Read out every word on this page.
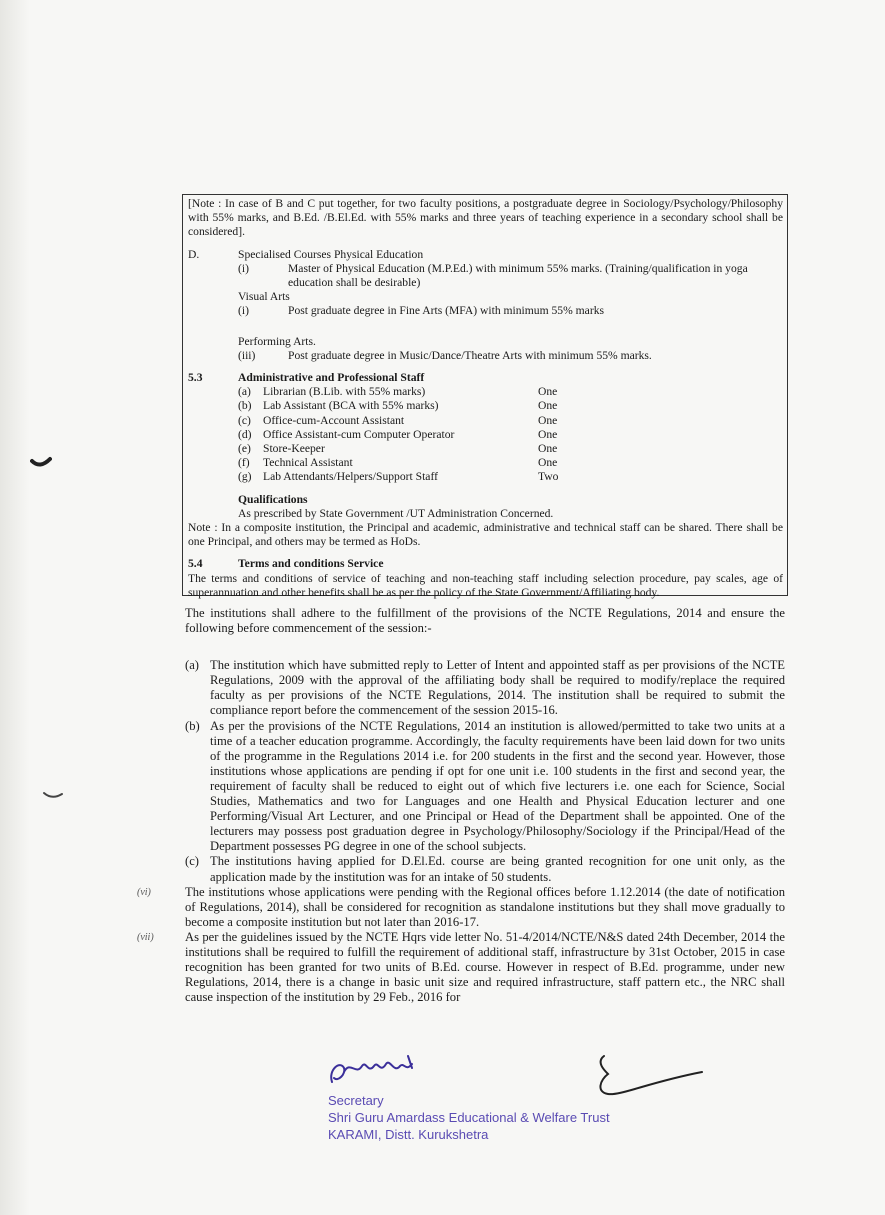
[Note : In case of B and C put together, for two faculty positions, a postgraduate degree in Sociology/Psychology/Philosophy with 55% marks, and B.Ed. /B.El.Ed. with 55% marks and three years of teaching experience in a secondary school shall be considered].
D.	Specialised Courses Physical Education
(i)	Master of Physical Education (M.P.Ed.) with minimum 55% marks. (Training/qualification in yoga education shall be desirable)
Visual Arts
(i)	Post graduate degree in Fine Arts (MFA) with minimum 55% marks
Performing Arts.
(iii)	Post graduate degree in Music/Dance/Theatre Arts with minimum 55% marks.
5.3	Administrative and Professional Staff
(a)	Librarian (B.Lib. with 55% marks)	One
(b) Lab Assistant (BCA with 55% marks)	One
(c)	Office-cum-Account Assistant	One
(d) Office Assistant-cum Computer Operator	One
(e)	Store-Keeper	One
(f)	Technical Assistant	One
(g) Lab Attendants/Helpers/Support Staff	Two
Qualifications
As prescribed by State Government /UT Administration Concerned.
Note : In a composite institution, the Principal and academic, administrative and technical staff can be shared. There shall be one Principal, and others may be termed as HoDs.
5.4	Terms and conditions Service
The terms and conditions of service of teaching and non-teaching staff including selection procedure, pay scales, age of superannuation and other benefits shall be as per the policy of the State Government/Affiliating body.

The institutions shall adhere to the fulfillment of the provisions of the NCTE Regulations, 2014 and ensure the following before commencement of the session:-

(a) The institution which have submitted reply to Letter of Intent and appointed staff as per provisions of the NCTE Regulations, 2009 with the approval of the affiliating body shall be required to modify/replace the required faculty as per provisions of the NCTE Regulations, 2014. The institution shall be required to submit the compliance report before the commencement of the session 2015-16.
(b) As per the provisions of the NCTE Regulations, 2014 an institution is allowed/permitted to take two units at a time of a teacher education programme. Accordingly, the faculty requirements have been laid down for two units of the programme in the Regulations 2014 i.e. for 200 students in the first and the second year. However, those institutions whose applications are pending if opt for one unit i.e. 100 students in the first and second year, the requirement of faculty shall be reduced to eight out of which five lecturers i.e. one each for Science, Social Studies, Mathematics and two for Languages and one Health and Physical Education lecturer and one Performing/Visual Art Lecturer, and one Principal or Head of the Department shall be appointed. One of the lecturers may possess post graduation degree in Psychology/Philosophy/Sociology if the Principal/Head of the Department possesses PG degree in one of the school subjects.
(c) The institutions having applied for D.El.Ed. course are being granted recognition for one unit only, as the application made by the institution was for an intake of 50 students.
(vi)	The institutions whose applications were pending with the Regional offices before 1.12.2014 (the date of notification of Regulations, 2014), shall be considered for recognition as standalone institutions but they shall move gradually to become a composite institution but not later than 2016-17.

(vii) As per the guidelines issued by the NCTE Hqrs vide letter No. 51-4/2014/NCTE/N&S dated 24th December, 2014 the institutions shall be required to fulfill the requirement of additional staff, infrastructure by 31st October, 2015 in case recognition has been granted for two units of B.Ed. course. However in respect of B.Ed. programme, under new Regulations, 2014, there is a change in basic unit size and required infrastructure, staff pattern etc., the NRC shall cause inspection of the institution by 29 Feb., 2016 for

Secretary
Shri Guru Amardass Educational & Welfare Trust
KARAMI, Distt. Kurukshetra
